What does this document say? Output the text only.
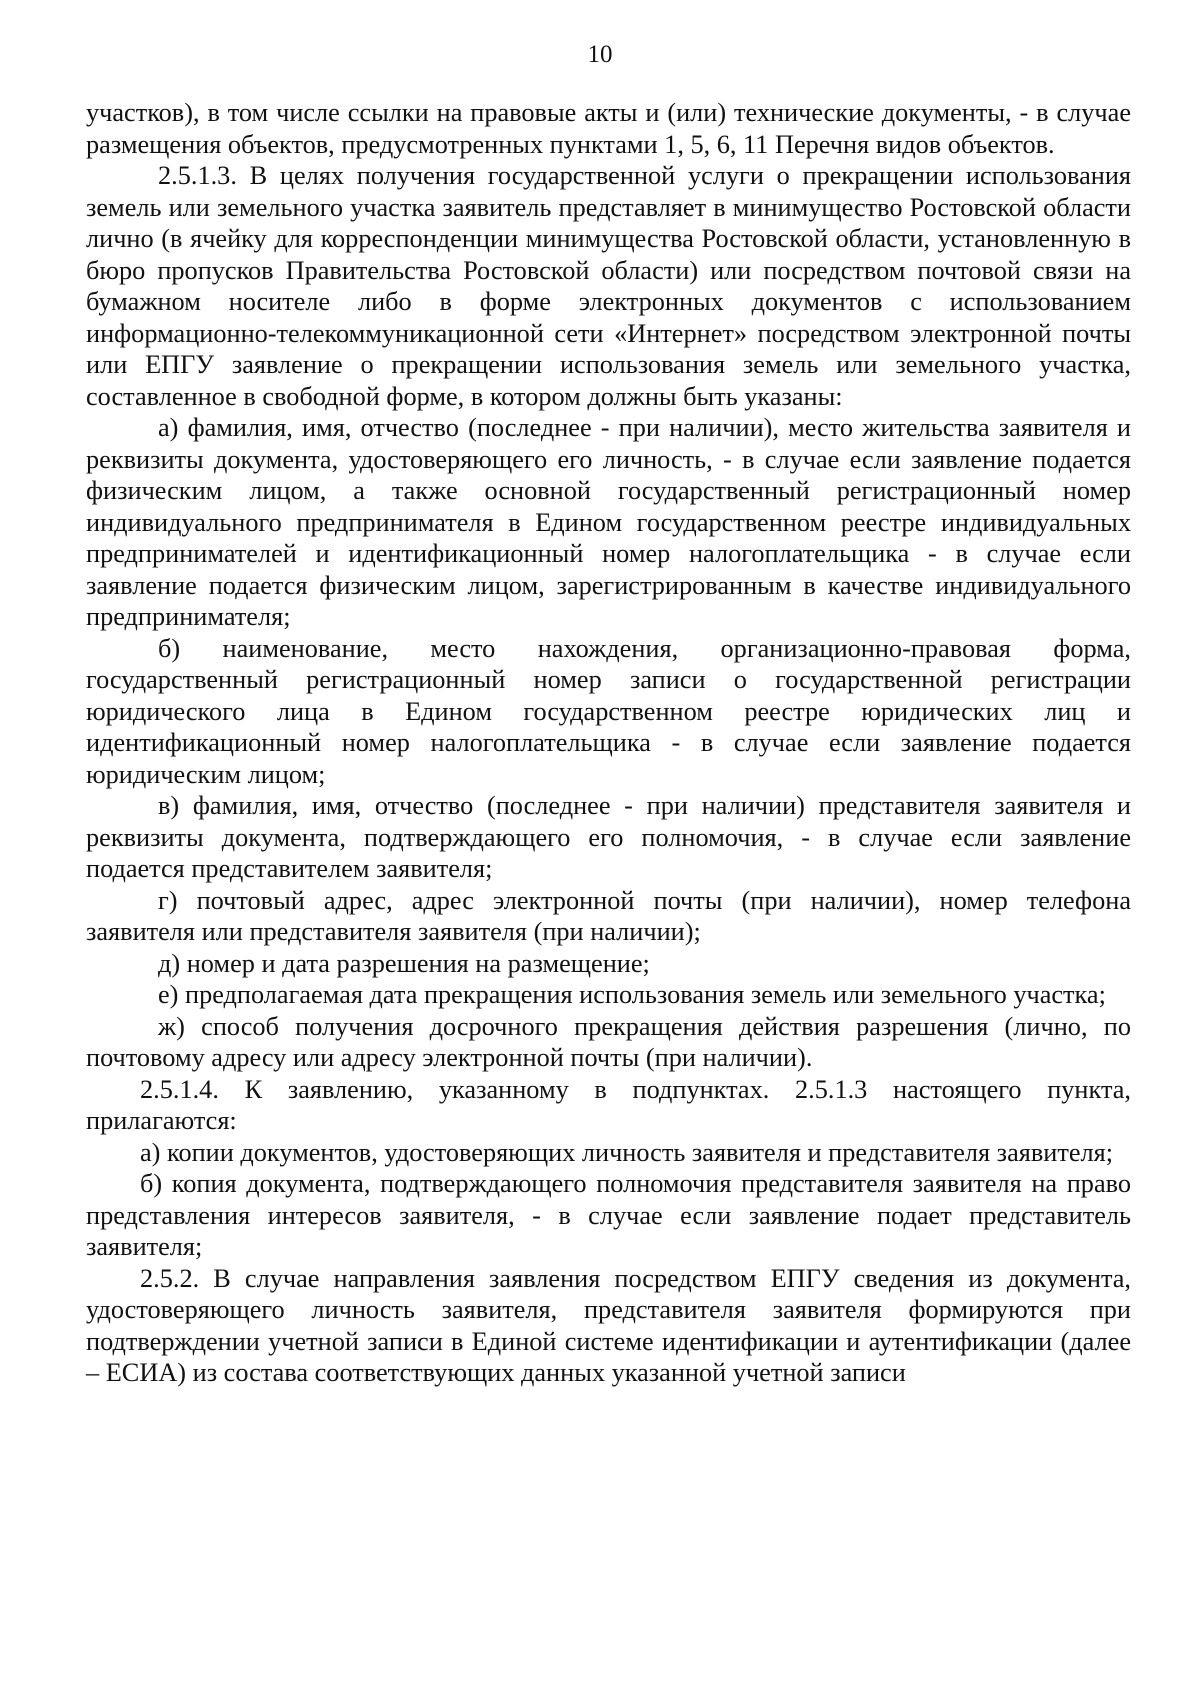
10

участков), в том числе ссылки на правовые акты и (или) технические документы, - в случае размещения объектов, предусмотренных пунктами 1, 5, 6, 11 Перечня видов объектов.

2.5.1.3. В целях получения государственной услуги о прекращении использования земель или земельного участка заявитель представляет в минимущество Ростовской области лично (в ячейку для корреспонденции минимущества Ростовской области, установленную в бюро пропусков Правительства Ростовской области) или посредством почтовой связи на бумажном носителе либо в форме электронных документов с использованием информационно-телекоммуникационной сети «Интернет» посредством электронной почты или ЕПГУ заявление о прекращении использования земель или земельного участка, составленное в свободной форме, в котором должны быть указаны:

а) фамилия, имя, отчество (последнее - при наличии), место жительства заявителя и реквизиты документа, удостоверяющего его личность, - в случае если заявление подается физическим лицом, а также основной государственный регистрационный номер индивидуального предпринимателя в Едином государственном реестре индивидуальных предпринимателей и идентификационный номер налогоплательщика - в случае если заявление подается физическим лицом, зарегистрированным в качестве индивидуального предпринимателя;

б) наименование, место нахождения, организационно-правовая форма, государственный регистрационный номер записи о государственной регистрации юридического лица в Едином государственном реестре юридических лиц и идентификационный номер налогоплательщика - в случае если заявление подается юридическим лицом;

в) фамилия, имя, отчество (последнее - при наличии) представителя заявителя и реквизиты документа, подтверждающего его полномочия, - в случае если заявление подается представителем заявителя;

г) почтовый адрес, адрес электронной почты (при наличии), номер телефона заявителя или представителя заявителя (при наличии);

д) номер и дата разрешения на размещение;

е) предполагаемая дата прекращения использования земель или земельного участка;

ж) способ получения досрочного прекращения действия разрешения (лично, по почтовому адресу или адресу электронной почты (при наличии).

2.5.1.4. К заявлению, указанному в подпунктах. 2.5.1.3 настоящего пункта, прилагаются:

а) копии документов, удостоверяющих личность заявителя и представителя заявителя;

б) копия документа, подтверждающего полномочия представителя заявителя на право представления интересов заявителя, - в случае если заявление подает представитель заявителя;

2.5.2. В случае направления заявления посредством ЕПГУ сведения из документа, удостоверяющего личность заявителя, представителя заявителя формируются при подтверждении учетной записи в Единой системе идентификации и аутентификации (далее – ЕСИА) из состава соответствующих данных указанной учетной записи
